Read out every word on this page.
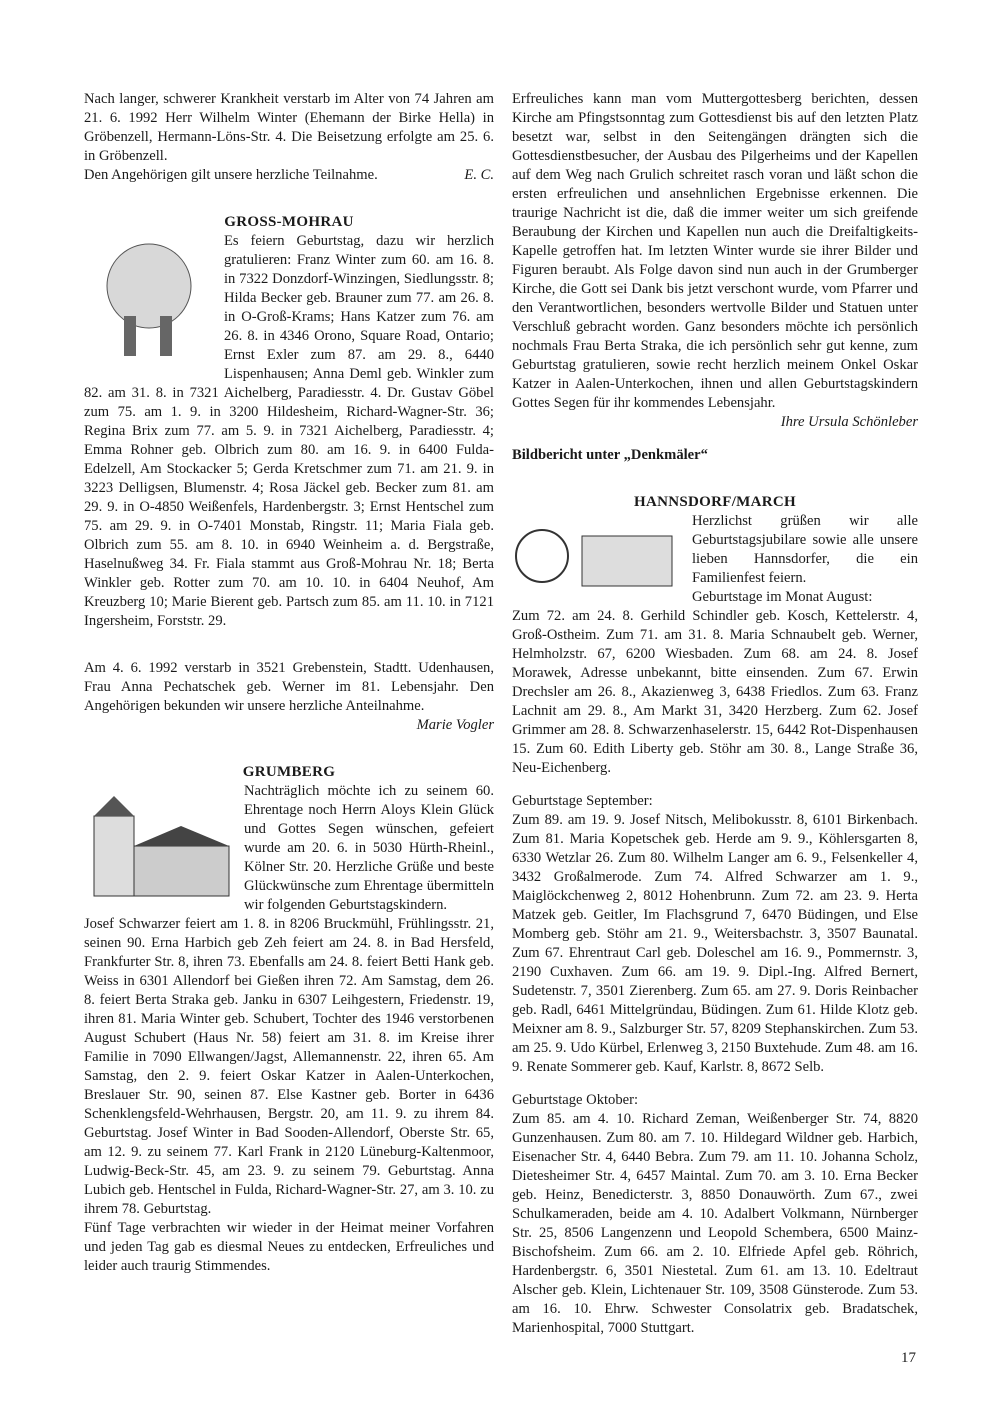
Nach langer, schwerer Krankheit verstarb im Alter von 74 Jahren am 21. 6. 1992 Herr Wilhelm Winter (Ehemann der Birke Hella) in Gröbenzell, Hermann-Löns-Str. 4. Die Beisetzung erfolgte am 25. 6. in Gröbenzell.

Den Angehörigen gilt unsere herzliche Teilnahme.	E. C.
GROSS-MOHRAU

Es feiern Geburtstag, dazu wir herzlich gratulieren: Franz Winter zum 60. am 16. 8. in 7322 Donzdorf-Winzingen, Siedlungsstr. 8; Hilda Becker geb. Brauner zum 77. am 26. 8. in O-Groß-Krams; Hans Katzer zum 76. am 26. 8. in 4346 Orono, Square Road, Ontario; Ernst Exler zum 87. am 29. 8., 6440 Lispenhausen; Anna Deml geb. Winkler zum 82. am 31. 8. in 7321 Aichelberg, Paradiesstr. 4. Dr. Gustav Göbel zum 75. am 1. 9. in 3200 Hildesheim, Richard-Wagner-Str. 36; Regina Brix zum 77. am 5. 9. in 7321 Aichelberg, Paradiesstr. 4; Emma Rohner geb. Olbrich zum 80. am 16. 9. in 6400 Fulda-Edelzell, Am Stockacker 5; Gerda Kretschmer zum 71. am 21. 9. in 3223 Delligsen, Blumenstr. 4; Rosa Jäckel geb. Becker zum 81. am 29. 9. in O-4850 Weißenfels, Hardenbergstr. 3; Ernst Hentschel zum 75. am 29. 9. in O-7401 Monstab, Ringstr. 11; Maria Fiala geb. Olbrich zum 55. am 8. 10. in 6940 Weinheim a. d. Bergstraße, Haselnußweg 34. Fr. Fiala stammt aus Groß-Mohrau Nr. 18; Berta Winkler geb. Rotter zum 70. am 10. 10. in 6404 Neuhof, Am Kreuzberg 10; Marie Bierent geb. Partsch zum 85. am 11. 10. in 7121 Ingersheim, Forststr. 29.

Am 4. 6. 1992 verstarb in 3521 Grebenstein, Stadtt. Udenhausen, Frau Anna Pechatschek geb. Werner im 81. Lebensjahr. Den Angehörigen bekunden wir unsere herzliche Anteilnahme.

Marie Vogler

GRUMBERG

Nachträglich möchte ich zu seinem 60. Ehrentage noch Herrn Aloys Klein Glück und Gottes Segen wünschen, gefeiert wurde am 20. 6. in 5030 Hürth-Rheinl., Kölner Str. 20. Herzliche Grüße und beste Glückwünsche zum Ehrentage übermitteln wir folgenden Geburtstagskindern.

Josef Schwarzer feiert am 1. 8. in 8206 Bruckmühl, Frühlingsstr. 21, seinen 90. Erna Harbich geb Zeh feiert am 24. 8. in Bad Hersfeld, Frankfurter Str. 8, ihren 73. Ebenfalls am 24. 8. feiert Betti Hank geb. Weiss in 6301 Allendorf bei Gießen ihren 72. Am Samstag, dem 26. 8. feiert Berta Straka geb. Janku in 6307 Leihgestern, Friedenstr. 19, ihren 81. Maria Winter geb. Schubert, Tochter des 1946 verstorbenen August Schubert (Haus Nr. 58) feiert am 31. 8. im Kreise ihrer Familie in 7090 Ellwangen/Jagst, Allemannenstr. 22, ihren 65. Am Samstag, den 2. 9. feiert Oskar Katzer in Aalen-Unterkochen, Breslauer Str. 90, seinen 87. Else Kastner geb. Borter in 6436 Schenklengsfeld-Wehrhausen, Bergstr. 20, am 11. 9. zu ihrem 84. Geburtstag. Josef Winter in Bad Sooden-Allendorf, Oberste Str. 65, am 12. 9. zu seinem 77. Karl Frank in 2120 Lüneburg-Kaltenmoor, Ludwig-Beck-Str. 45, am 23. 9. zu seinem 79. Geburtstag. Anna Lubich geb. Hentschel in Fulda, Richard-Wagner-Str. 27, am 3. 10. zu ihrem 78. Geburtstag.

Fünf Tage verbrachten wir wieder in der Heimat meiner Vorfahren und jeden Tag gab es diesmal Neues zu entdecken, Erfreuliches und leider auch traurig Stimmendes.

Erfreuliches kann man vom Muttergottesberg berichten, dessen Kirche am Pfingstsonntag zum Gottesdienst bis auf den letzten Platz besetzt war, selbst in den Seitengängen drängten sich die Gottesdienstbesucher, der Ausbau des Pilgerheims und der Kapellen auf dem Weg nach Grulich schreitet rasch voran und läßt schon die ersten erfreulichen und ansehnlichen Ergebnisse erkennen. Die traurige Nachricht ist die, daß die immer weiter um sich greifende Beraubung der Kirchen und Kapellen nun auch die Dreifaltigkeits-Kapelle getroffen hat. Im letzten Winter wurde sie ihrer Bilder und Figuren beraubt. Als Folge davon sind nun auch in der Grumberger Kirche, die Gott sei Dank bis jetzt verschont wurde, vom Pfarrer und den Verantwortlichen, besonders wertvolle Bilder und Statuen unter Verschluß gebracht worden. Ganz besonders möchte ich persönlich nochmals Frau Berta Straka, die ich persönlich sehr gut kenne, zum Geburtstag gratulieren, sowie recht herzlich meinem Onkel Oskar Katzer in Aalen-Unterkochen, ihnen und allen Geburtstagskindern Gottes Segen für ihr kommendes Lebensjahr.

Ihre Ursula Schönleber

Bildbericht unter „Denkmäler“

HANNSDORF/MARCH

Herzlichst grüßen wir alle Geburtstagsjubilare sowie alle unsere lieben Hannsdorfer, die ein Familienfest feiern.

Geburtstage im Monat August:

Zum 72. am 24. 8. Gerhild Schindler geb. Kosch, Kettelerstr. 4, Groß-Ostheim. Zum 71. am 31. 8. Maria Schnaubelt geb. Werner, Helmholzstr. 67, 6200 Wiesbaden. Zum 68. am 24. 8. Josef Morawek, Adresse unbekannt, bitte einsenden. Zum 67. Erwin Drechsler am 26. 8., Akazienweg 3, 6438 Friedlos. Zum 63. Franz Lachnit am 29. 8., Am Markt 31, 3420 Herzberg. Zum 62. Josef Grimmer am 28. 8. Schwarzenhaselerstr. 15, 6442 Rot-Dispenhausen 15. Zum 60. Edith Liberty geb. Stöhr am 30. 8., Lange Straße 36, Neu-Eichenberg.

Geburtstage September:

Zum 89. am 19. 9. Josef Nitsch, Melibokusstr. 8, 6101 Birkenbach. Zum 81. Maria Kopetschek geb. Herde am 9. 9., Köhlersgarten 8, 6330 Wetzlar 26. Zum 80. Wilhelm Langer am 6. 9., Felsenkeller 4, 3432 Großalmerode. Zum 74. Alfred Schwarzer am 1. 9., Maiglöckchenweg 2, 8012 Hohenbrunn. Zum 72. am 23. 9. Herta Matzek geb. Geitler, Im Flachsgrund 7, 6470 Büdingen, und Else Momberg geb. Stöhr am 21. 9., Weitersbachstr. 3, 3507 Baunatal. Zum 67. Ehrentraut Carl geb. Doleschel am 16. 9., Pommernstr. 3, 2190 Cuxhaven. Zum 66. am 19. 9. Dipl.-Ing. Alfred Bernert, Sudetenstr. 7, 3501 Zierenberg. Zum 65. am 27. 9. Doris Reinbacher geb. Radl, 6461 Mittelgründau, Büdingen. Zum 61. Hilde Klotz geb. Meixner am 8. 9., Salzburger Str. 57, 8209 Stephanskirchen. Zum 53. am 25. 9. Udo Kürbel, Erlenweg 3, 2150 Buxtehude. Zum 48. am 16. 9. Renate Sommerer geb. Kauf, Karlstr. 8, 8672 Selb.

Geburtstage Oktober:

Zum 85. am 4. 10. Richard Zeman, Weißenberger Str. 74, 8820 Gunzenhausen. Zum 80. am 7. 10. Hildegard Wildner geb. Harbich, Eisenacher Str. 4, 6440 Bebra. Zum 79. am 11. 10. Johanna Scholz, Dietesheimer Str. 4, 6457 Maintal. Zum 70. am 3. 10. Erna Becker geb. Heinz, Benedicterstr. 3, 8850 Donauwörth. Zum 67., zwei Schulkameraden, beide am 4. 10. Adalbert Volkmann, Nürnberger Str. 25, 8506 Langenzenn und Leopold Schembera, 6500 Mainz-Bischofsheim. Zum 66. am 2. 10. Elfriede Apfel geb. Röhrich, Hardenbergstr. 6, 3501 Niestetal. Zum 61. am 13. 10. Edeltraut Alscher geb. Klein, Lichtenauer Str. 109, 3508 Günsterode. Zum 53. am 16. 10. Ehrw. Schwester Consolatrix geb. Bradatschek, Marienhospital, 7000 Stuttgart.

17
